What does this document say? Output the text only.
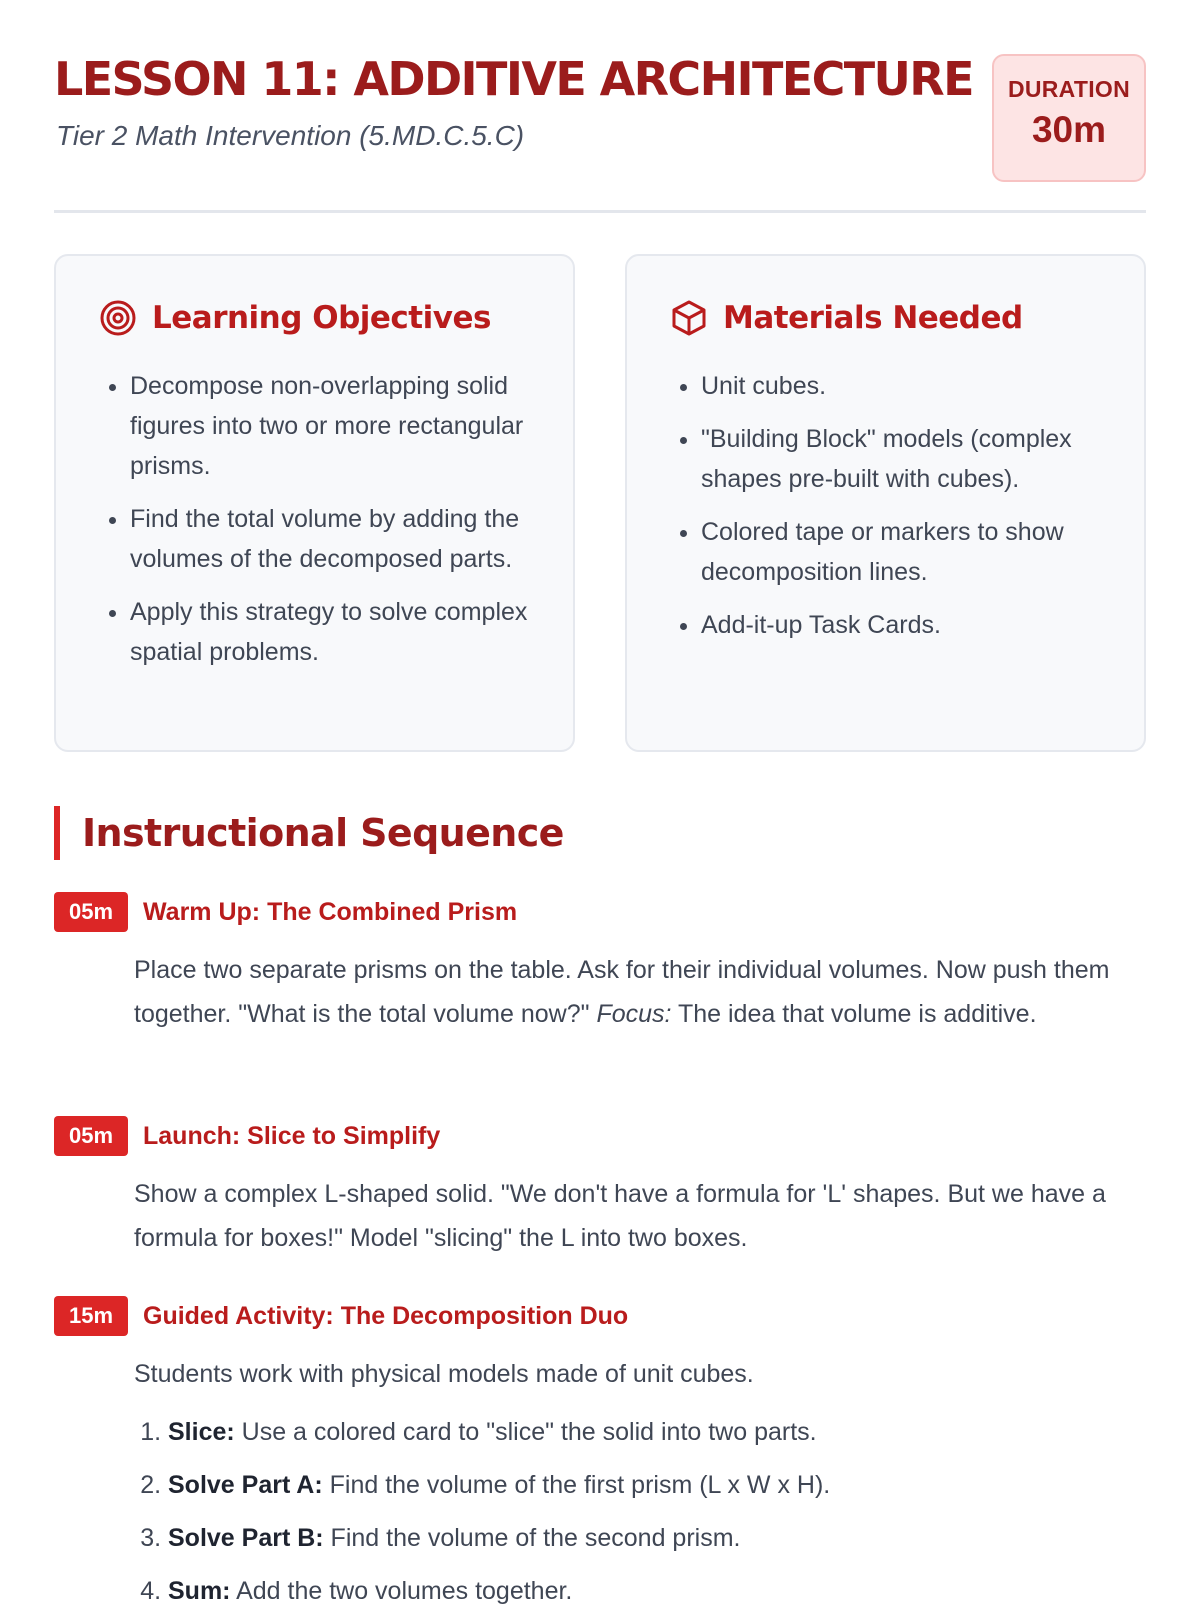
LESSON 11: ADDITIVE ARCHITECTURE
Tier 2 Math Intervention (5.MD.C.5.C)
DURATION
30m
Learning Objectives
• Decompose non-overlapping solid figures into two or more rectangular prisms.
• Find the total volume by adding the volumes of the decomposed parts.
• Apply this strategy to solve complex spatial problems.
Materials Needed
• Unit cubes.
• "Building Block" models (complex shapes pre-built with cubes).
• Colored tape or markers to show decomposition lines.
• Add-it-up Task Cards.
Instructional Sequence
05m	Warm Up: The Combined Prism
Place two separate prisms on the table. Ask for their individual volumes. Now push them together. "What is the total volume now?" Focus: The idea that volume is additive.
05m	Launch: Slice to Simplify
Show a complex L-shaped solid. "We don't have a formula for 'L' shapes. But we have a formula for boxes!" Model "slicing" the L into two boxes.
15m	Guided Activity: The Decomposition Duo
Students work with physical models made of unit cubes.
1. Slice: Use a colored card to "slice" the solid into two parts.
2. Solve Part A: Find the volume of the first prism (L x W x H).
3. Solve Part B: Find the volume of the second prism.
4. Sum: Add the two volumes together.
